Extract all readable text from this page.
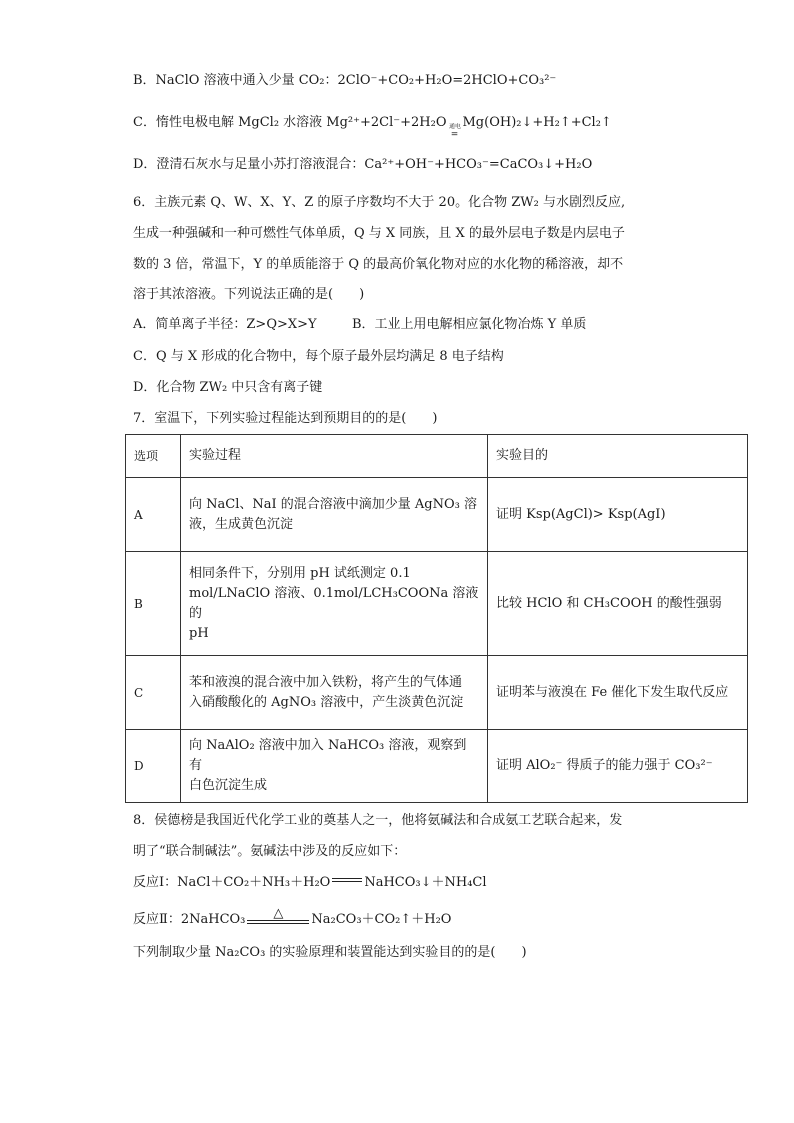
B．NaClO 溶液中通入少量 CO₂：2ClO⁻+CO₂+H₂O=2HClO+CO₃²⁻
C．惰性电极电解 MgCl₂ 水溶液 Mg²⁺+2Cl⁻+2H₂O 通电
=
Mg(OH)₂↓+H₂↑+Cl₂↑
D．澄清石灰水与足量小苏打溶液混合：Ca²⁺+OH⁻+HCO₃⁻=CaCO₃↓+H₂O
6．主族元素 Q、W、X、Y、Z 的原子序数均不大于 20。化合物 ZW₂ 与水剧烈反应,
生成一种强碱和一种可燃性气体单质，Q 与 X 同族，且 X 的最外层电子数是内层电子
数的 3 倍，常温下，Y 的单质能溶于 Q 的最高价氧化物对应的水化物的稀溶液，却不
溶于其浓溶液。下列说法正确的是(　　)
A．简单离子半径：Z>Q>X>Y	B．工业上用电解相应氯化物冶炼 Y 单质
C．Q 与 X 形成的化合物中，每个原子最外层均满足 8 电子结构
D．化合物 ZW₂ 中只含有离子键
7．室温下，下列实验过程能达到预期目的的是(　　)
选项	实验过程	实验目的
A	向 NaCl、NaI 的混合溶液中滴加少量 AgNO₃ 溶
液，生成黄色沉淀	证明 Ksp(AgCl)> Ksp(AgI)
B	相同条件下，分别用 pH 试纸测定 0.1
mol/LNaClO 溶液、0.1mol/LCH₃COONa 溶液的
pH	比较 HClO 和 CH₃COOH 的酸性强弱
C	苯和液溴的混合液中加入铁粉，将产生的气体通
入硝酸酸化的 AgNO₃ 溶液中，产生淡黄色沉淀	证明苯与液溴在 Fe 催化下发生取代反应
D	向 NaAlO₂ 溶液中加入 NaHCO₃ 溶液，观察到有
白色沉淀生成	证明 AlO₂⁻ 得质子的能力强于 CO₃²⁻
8．侯德榜是我国近代化学工业的奠基人之一，他将氨碱法和合成氨工艺联合起来，发
明了“联合制碱法”。氨碱法中涉及的反应如下：
反应Ⅰ：NaCl＋CO₂＋NH₃＋H₂O	NaHCO₃↓＋NH₄Cl
反应Ⅱ：2NaHCO₃ △ Na₂CO₃＋CO₂↑＋H₂O
下列制取少量 Na₂CO₃ 的实验原理和装置能达到实验目的的是(　　)
